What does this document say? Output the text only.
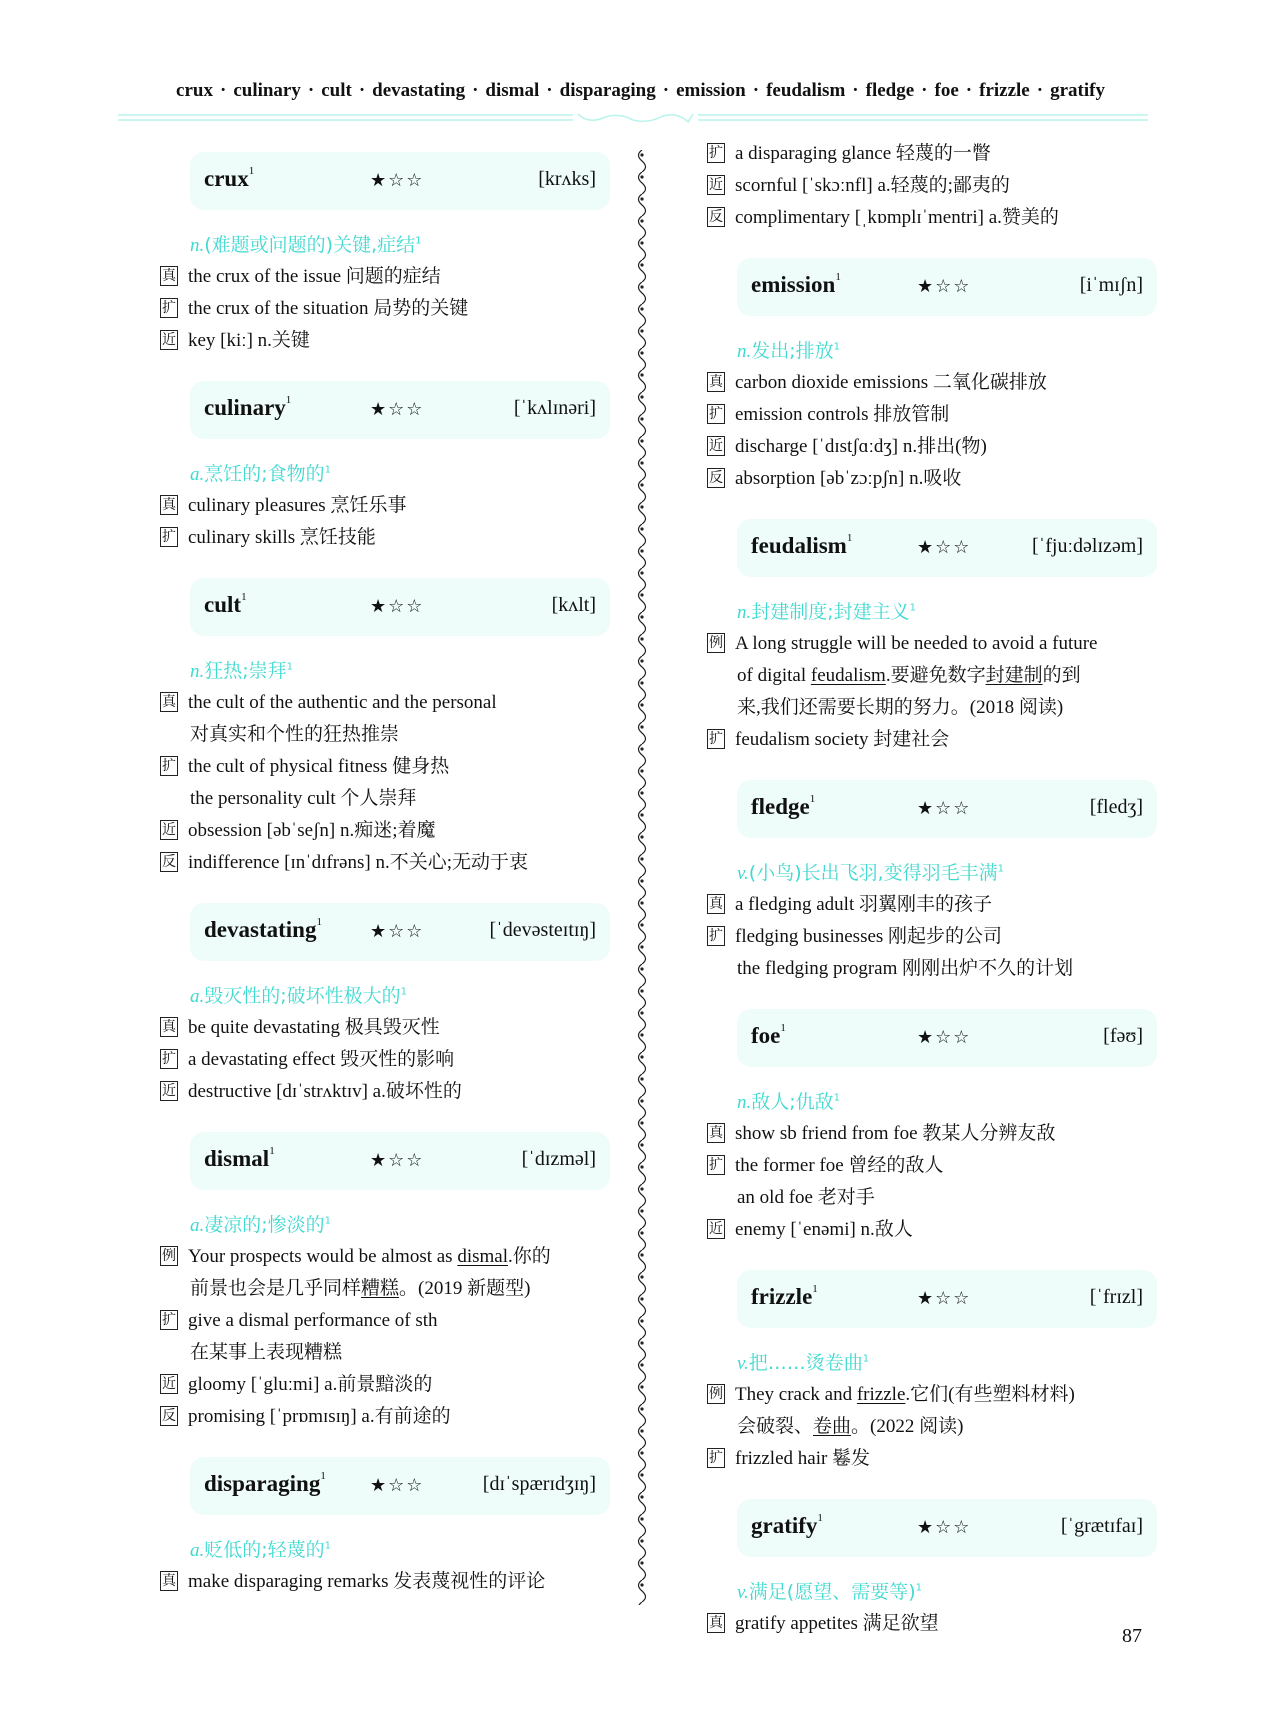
crux · culinary · cult · devastating · dismal · disparaging · emission · feudalism · fledge · foe · frizzle · gratify
crux$^1$	★☆☆	[krʌks]
n.(难题或问题的)关键,症结$^1$
真 the crux of the issue 问题的症结
扩 the crux of the situation 局势的关键
近 key [kiː] n.关键
culinary$^1$	★☆☆	[ˈkʌlɪnəri]
a.烹饪的;食物的$^1$
真 culinary pleasures 烹饪乐事
扩 culinary skills 烹饪技能
cult$^1$	★☆☆	[kʌlt]
n.狂热;崇拜$^1$
真 the cult of the authentic and the personal
对真实和个性的狂热推崇
扩 the cult of physical fitness 健身热
the personality cult 个人崇拜
近 obsession [əbˈseʃn] n.痴迷;着魔
反 indifference [ɪnˈdɪfrəns] n.不关心;无动于衷
devastating$^1$	★☆☆	[ˈdevəsteɪtɪŋ]
a.毁灭性的;破坏性极大的$^1$
真 be quite devastating 极具毁灭性
扩 a devastating effect 毁灭性的影响
近 destructive [dɪˈstrʌktɪv] a.破坏性的
dismal$^1$	★☆☆	[ˈdɪzməl]
a.凄凉的;惨淡的$^1$
例 Your prospects would be almost as dismal.你的
前景也会是几乎同样糟糕。(2019 新题型)
扩 give a dismal performance of sth
在某事上表现糟糕
近 gloomy [ˈgluːmi] a.前景黯淡的
反 promising [ˈprɒmɪsɪŋ] a.有前途的
disparaging$^1$ ★☆☆	[dɪˈspærɪdʒɪŋ]
a.贬低的;轻蔑的$^1$
真 make disparaging remarks 发表蔑视性的评论
扩 a disparaging glance 轻蔑的一瞥
近 scornful [ˈskɔːnfl] a.轻蔑的;鄙夷的
反 complimentary [ˌkɒmplɪˈmentri] a.赞美的
emission$^1$	★☆☆	[iˈmɪʃn]
n.发出;排放$^1$
真 carbon dioxide emissions 二氧化碳排放
扩 emission controls 排放管制
近 discharge [ˈdɪstʃɑːdʒ] n.排出(物)
反 absorption [əbˈzɔːpʃn] n.吸收
feudalism$^1$	★☆☆	[ˈfjuːdəlɪzəm]
n.封建制度;封建主义$^1$
例 A long struggle will be needed to avoid a future
of digital feudalism.要避免数字封建制的到
来,我们还需要长期的努力。(2018 阅读)
扩 feudalism society 封建社会
fledge$^1$	★☆☆	[fledʒ]
v.(小鸟)长出飞羽,变得羽毛丰满$^1$
真 a fledging adult 羽翼刚丰的孩子
扩 fledging businesses 刚起步的公司
the fledging program 刚刚出炉不久的计划
foe$^1$	★☆☆	[fəʊ]
n.敌人;仇敌$^1$
真 show sb friend from foe 教某人分辨友敌
扩 the former foe 曾经的敌人
an old foe 老对手
近 enemy [ˈenəmi] n.敌人
frizzle$^1$	★☆☆	[ˈfrɪzl]
v.把……烫卷曲$^1$
例 They crack and frizzle.它们(有些塑料材料)
会破裂、卷曲。(2022 阅读)
扩 frizzled hair 鬈发
gratify$^1$	★☆☆	[ˈgrætɪfaɪ]
v.满足(愿望、需要等)$^1$
真 gratify appetites 满足欲望
87
